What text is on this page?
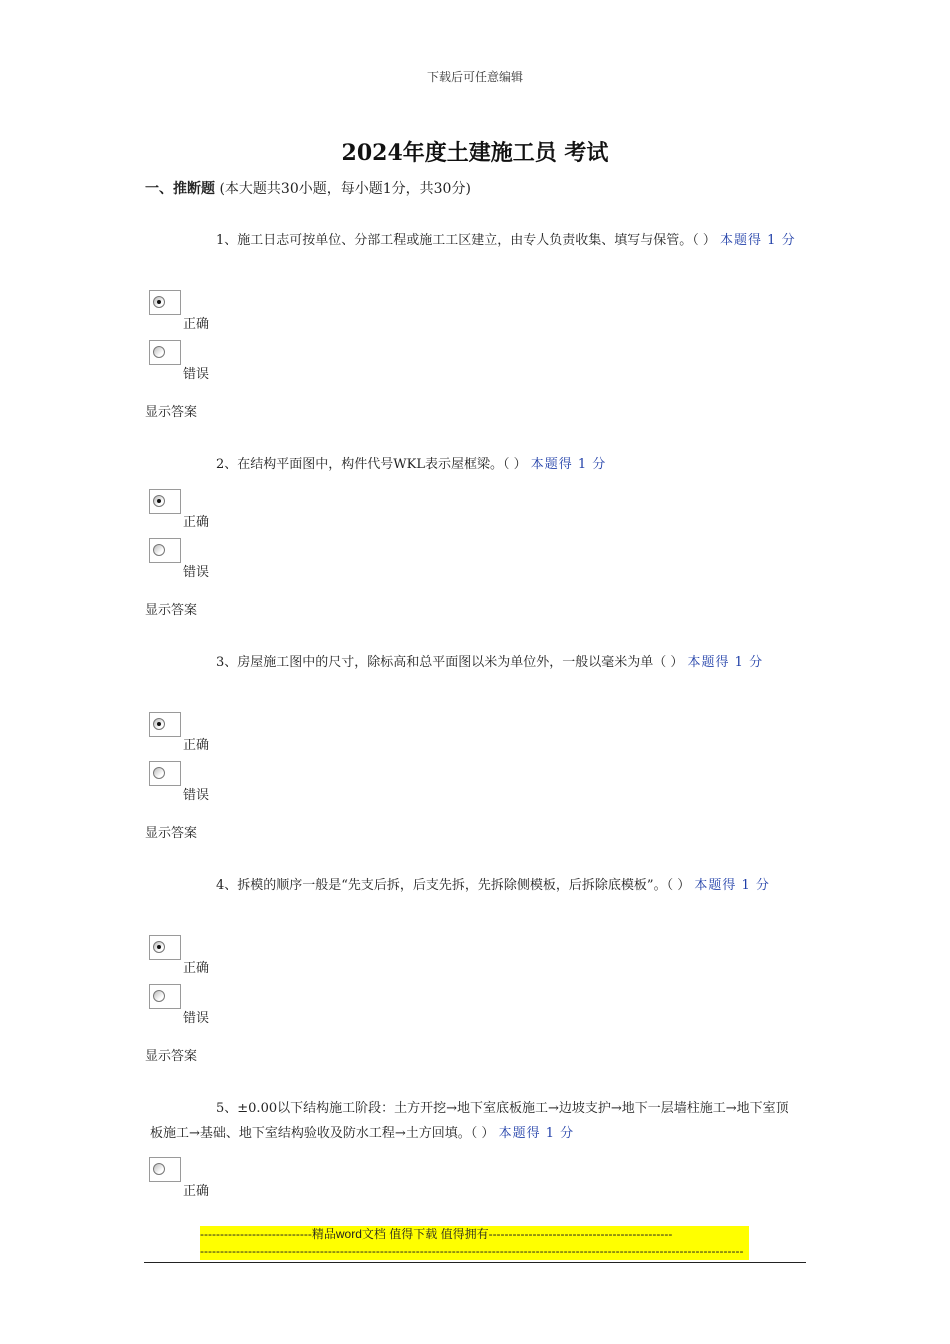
下载后可任意编辑
2024年度土建施工员 考试
一、推断题 (本大题共30小题，每小题1分，共30分)
1、施工日志可按单位、分部工程或施工工区建立，由专人负责收集、填写与保管。（ ） 本题得 1 分
正确
错误
显示答案
2、在结构平面图中，构件代号WKL表示屋框梁。（ ） 本题得 1 分
正确
错误
显示答案
3、房屋施工图中的尺寸，除标高和总平面图以米为单位外，一般以毫米为单（ ） 本题得 1 分
正确
错误
显示答案
4、拆模的顺序一般是“先支后拆，后支先拆，先拆除侧模板，后拆除底模板”。（ ） 本题得 1 分
正确
错误
显示答案
5、±0.00以下结构施工阶段：土方开挖→地下室底板施工→边坡支护→地下一层墙柱施工→地下室顶板施工→基础、地下室结构验收及防水工程→土方回填。（ ） 本题得 1 分
正确
----------------------------精品word文档 值得下载 值得拥有----------------------------------------------
----------------------------------------------------------------------------------------------------------------------------------------
